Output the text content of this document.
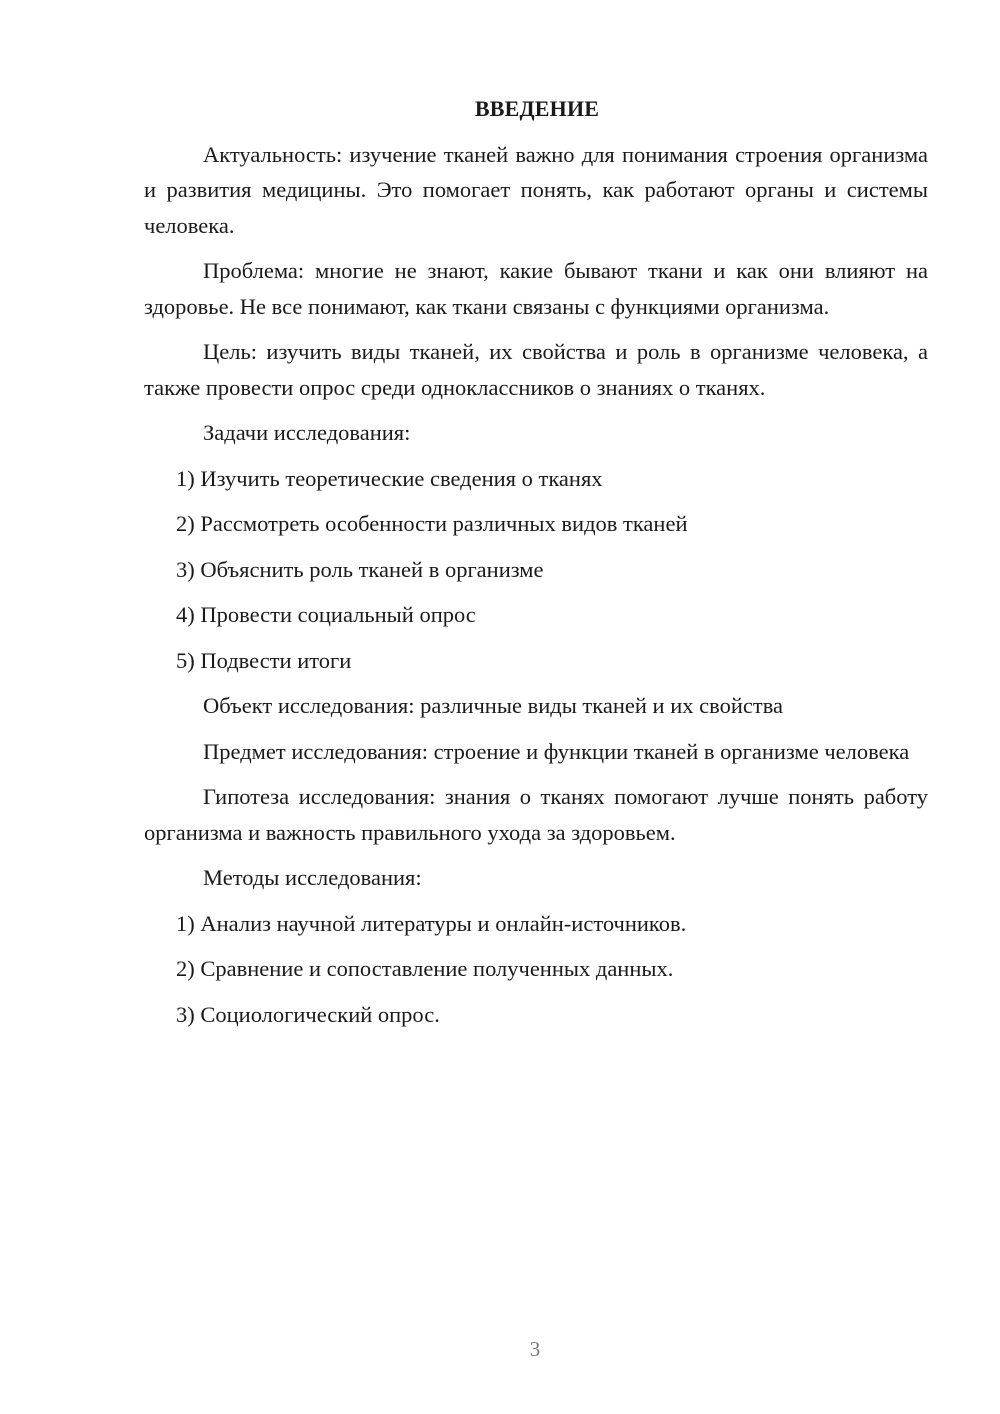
ВВЕДЕНИЕ

Актуальность: изучение тканей важно для понимания строения организма и развития медицины. Это помогает понять, как работают органы и системы человека.

Проблема: многие не знают, какие бывают ткани и как они влияют на здоровье. Не все понимают, как ткани связаны с функциями организма.

Цель: изучить виды тканей, их свойства и роль в организме человека, а также провести опрос среди одноклассников о знаниях о тканях.

Задачи исследования:

1) Изучить теоретические сведения о тканях
2) Рассмотреть особенности различных видов тканей
3) Объяснить роль тканей в организме
4) Провести социальный опрос
5) Подвести итоги

Объект исследования: различные виды тканей и их свойства

Предмет исследования: строение и функции тканей в организме человека

Гипотеза исследования: знания о тканях помогают лучше понять работу организма и важность правильного ухода за здоровьем.

Методы исследования:

1) Анализ научной литературы и онлайн-источников.
2) Сравнение и сопоставление полученных данных.
3) Социологический опрос.
3
